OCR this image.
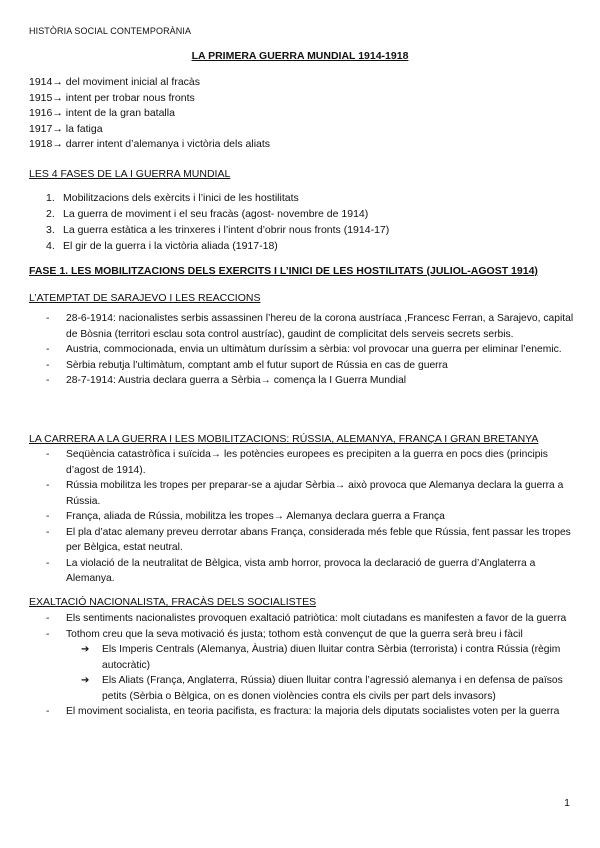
HISTÒRIA SOCIAL CONTEMPORÀNIA
LA PRIMERA GUERRA MUNDIAL 1914-1918
1914→ del moviment inicial al fracàs
1915→ intent per trobar nous fronts
1916→ intent de la gran batalla
1917→ la fatiga
1918→ darrer intent d’alemanya i victòria dels aliats
LES 4 FASES DE LA I GUERRA MUNDIAL
1. Mobilitzacions dels exèrcits i l’inici de les hostilitats
2. La guerra de moviment i el seu fracàs (agost- novembre de 1914)
3. La guerra estàtica a les trinxeres i l’intent d’obrir nous fronts (1914-17)
4. El gir de la guerra i la victòria aliada (1917-18)
FASE 1. LES MOBILITZACIONS DELS EXERCITS I L’INICI DE LES HOSTILITATS (JULIOL-AGOST 1914)
L’ATEMPTAT DE SARAJEVO I LES REACCIONS
-	28-6-1914: nacionalistes serbis assassinen l’hereu de la corona austríaca ,Francesc Ferran, a Sarajevo, capital de Bòsnia (territori esclau sota control austríac), gaudint de complicitat dels serveis secrets serbis.
-	Austria, commocionada, envia un ultimàtum duríssim a sèrbia: vol provocar una guerra per eliminar l’enemic.
-	Sèrbia rebutja l’ultimàtum, comptant amb el futur suport de Rússia en cas de guerra
-	28-7-1914: Austria declara guerra a Sèrbia→ comença la I Guerra Mundial
LA CARRERA A LA GUERRA I LES MOBILITZACIONS: RÚSSIA, ALEMANYA, FRANÇA I GRAN BRETANYA
-	Seqüència catastròfica i suïcida→ les potències europees es precipiten a la guerra en pocs dies (principis d’agost de 1914).
-	Rússia mobilitza les tropes per preparar-se a ajudar Sèrbia→ això provoca que Alemanya declara la guerra a Rússia.
-	França, aliada de Rússia, mobilitza les tropes→ Alemanya declara guerra a França
-	El pla d’atac alemany preveu derrotar abans França, considerada més feble que Rússia, fent passar les tropes per Bèlgica, estat neutral.
-	La violació de la neutralitat de Bèlgica, vista amb horror, provoca la declaració de guerra d’Anglaterra a Alemanya.
EXALTACIÓ NACIONALISTA, FRACÀS DELS SOCIALISTES
-	Els sentiments nacionalistes provoquen exaltació patriòtica: molt ciutadans es manifesten a favor de la guerra
-	Tothom creu que la seva motivació és justa; tothom està convençut de que la guerra serà breu i fàcil
➔	Els Imperis Centrals (Alemanya, Àustria) diuen lluitar contra Sèrbia (terrorista) i contra Rússia (règim autocràtic)
➔	Els Aliats (França, Anglaterra, Rússia) diuen lluitar contra l’agressió alemanya i en defensa de països petits (Sèrbia o Bèlgica, on es donen violències contra els civils per part dels invasors)
-	El moviment socialista, en teoria pacifista, es fractura: la majoria dels diputats socialistes voten per la guerra
1
